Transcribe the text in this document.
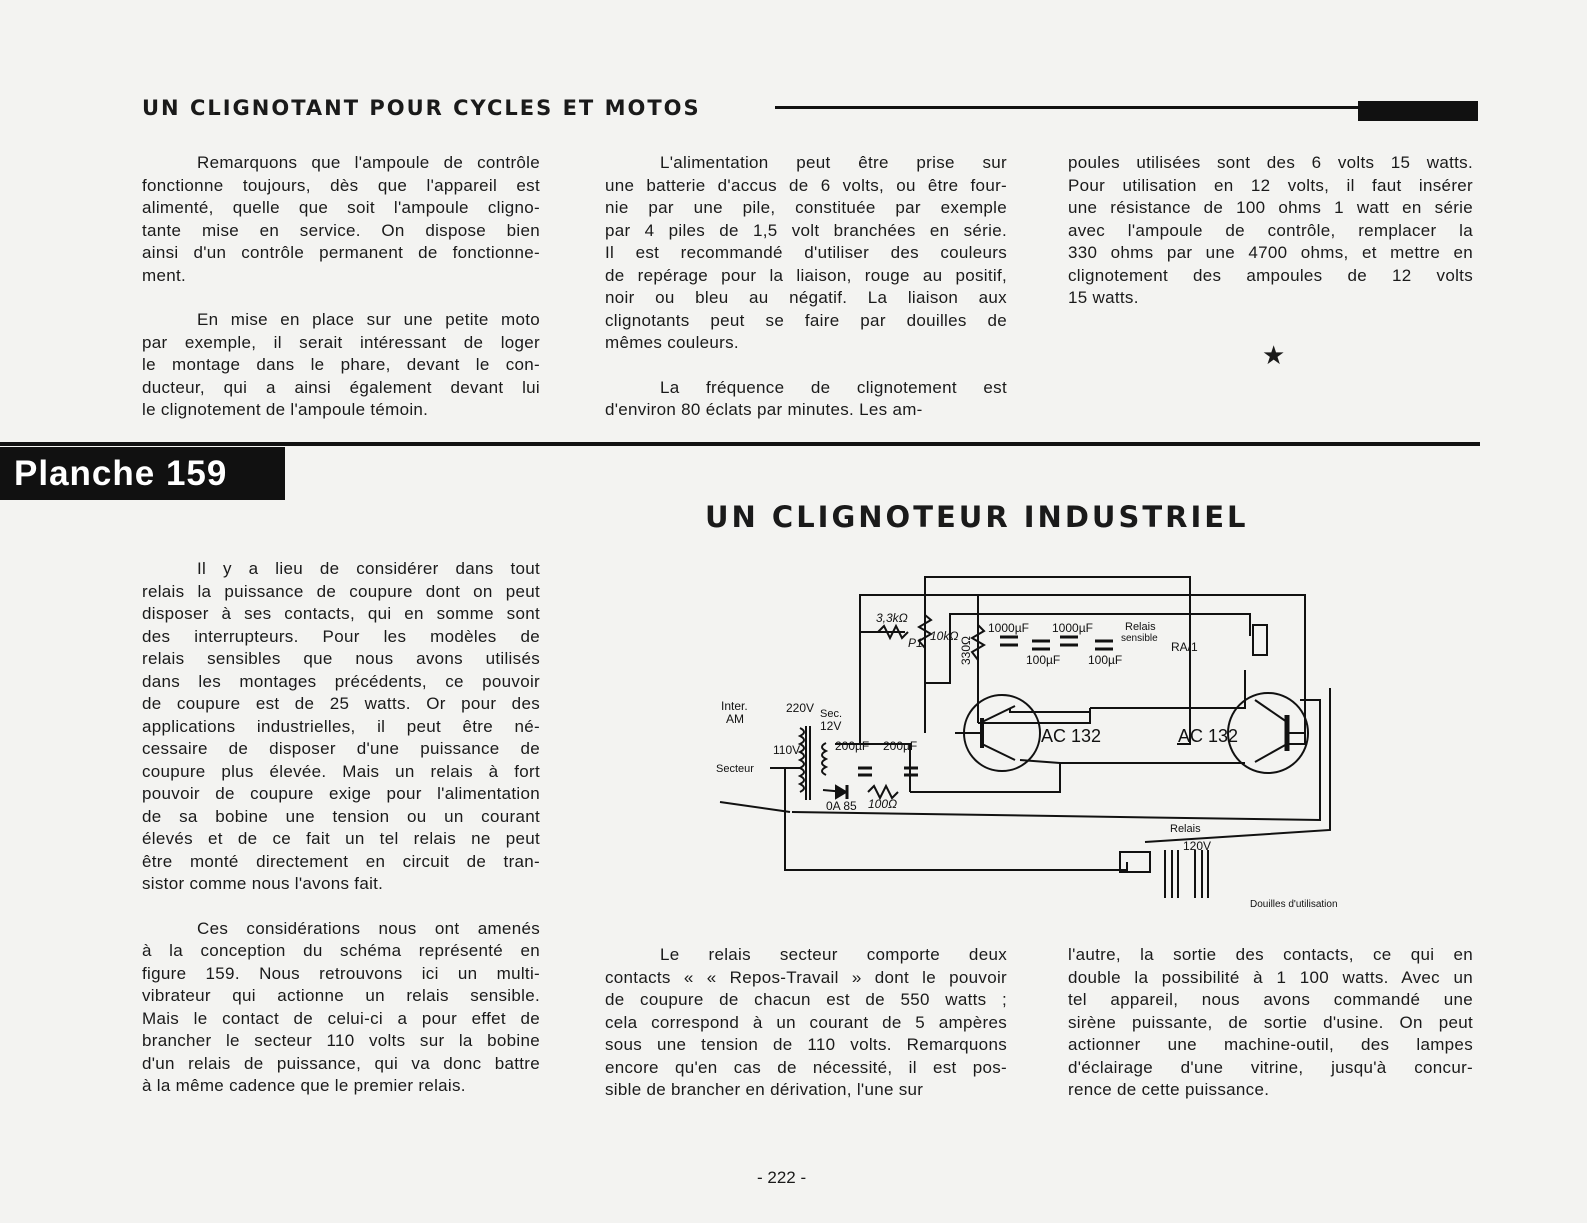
UN CLIGNOTANT POUR CYCLES ET MOTOS
Remarquons que l'ampoule de contrôle
fonctionne toujours, dès que l'appareil est
alimenté, quelle que soit l'ampoule cligno-
tante mise en service. On dispose bien
ainsi d'un contrôle permanent de fonctionne-
ment.
En mise en place sur une petite moto
par exemple, il serait intéressant de loger
le montage dans le phare, devant le con-
ducteur, qui a ainsi également devant lui
le clignotement de l'ampoule témoin.
L'alimentation peut être prise sur
une batterie d'accus de 6 volts, ou être four-
nie par une pile, constituée par exemple
par 4 piles de 1,5 volt branchées en série.
Il est recommandé d'utiliser des couleurs
de repérage pour la liaison, rouge au positif,
noir ou bleu au négatif. La liaison aux
clignotants peut se faire par douilles de
mêmes couleurs.
La fréquence de clignotement est
d'environ 80 éclats par minutes. Les am-
poules utilisées sont des 6 volts 15 watts.
Pour utilisation en 12 volts, il faut insérer
une résistance de 100 ohms 1 watt en série
avec l'ampoule de contrôle, remplacer la
330 ohms par une 4700 ohms, et mettre en
clignotement des ampoules de 12 volts
15 watts.
★
Planche 159
UN CLIGNOTEUR INDUSTRIEL
Inter.
AM
220V Sec.
12V
110V
Secteur
200µF 200µF
0A 85 100Ω
3,3kΩ
P1 10kΩ 330Ω
1000µF
100µF
1000µF
100µF
Relais
sensible
RA/1
AC 132	AC 132
Relais
120V
Douilles d'utilisation
Il y a lieu de considérer dans tout
relais la puissance de coupure dont on peut
disposer à ses contacts, qui en somme sont
des interrupteurs. Pour les modèles de
relais sensibles que nous avons utilisés
dans les montages précédents, ce pouvoir
de coupure est de 25 watts. Or pour des
applications industrielles, il peut être né-
cessaire de disposer d'une puissance de
coupure plus élevée. Mais un relais à fort
pouvoir de coupure exige pour l'alimentation
de sa bobine une tension ou un courant
élevés et de ce fait un tel relais ne peut
être monté directement en circuit de tran-
sistor comme nous l'avons fait.
Ces considérations nous ont amenés
à la conception du schéma représenté en
figure 159. Nous retrouvons ici un multi-
vibrateur qui actionne un relais sensible.
Mais le contact de celui-ci a pour effet de
brancher le secteur 110 volts sur la bobine
d'un relais de puissance, qui va donc battre
à la même cadence que le premier relais.
Le relais secteur comporte deux
contacts « « Repos-Travail » dont le pouvoir
de coupure de chacun est de 550 watts ;
cela correspond à un courant de 5 ampères
sous une tension de 110 volts. Remarquons
encore qu'en cas de nécessité, il est pos-
sible de brancher en dérivation, l'une sur
l'autre, la sortie des contacts, ce qui en
double la possibilité à 1 100 watts. Avec un
tel appareil, nous avons commandé une
sirène puissante, de sortie d'usine. On peut
actionner une machine-outil, des lampes
d'éclairage d'une vitrine, jusqu'à concur-
rence de cette puissance.
- 222 -
